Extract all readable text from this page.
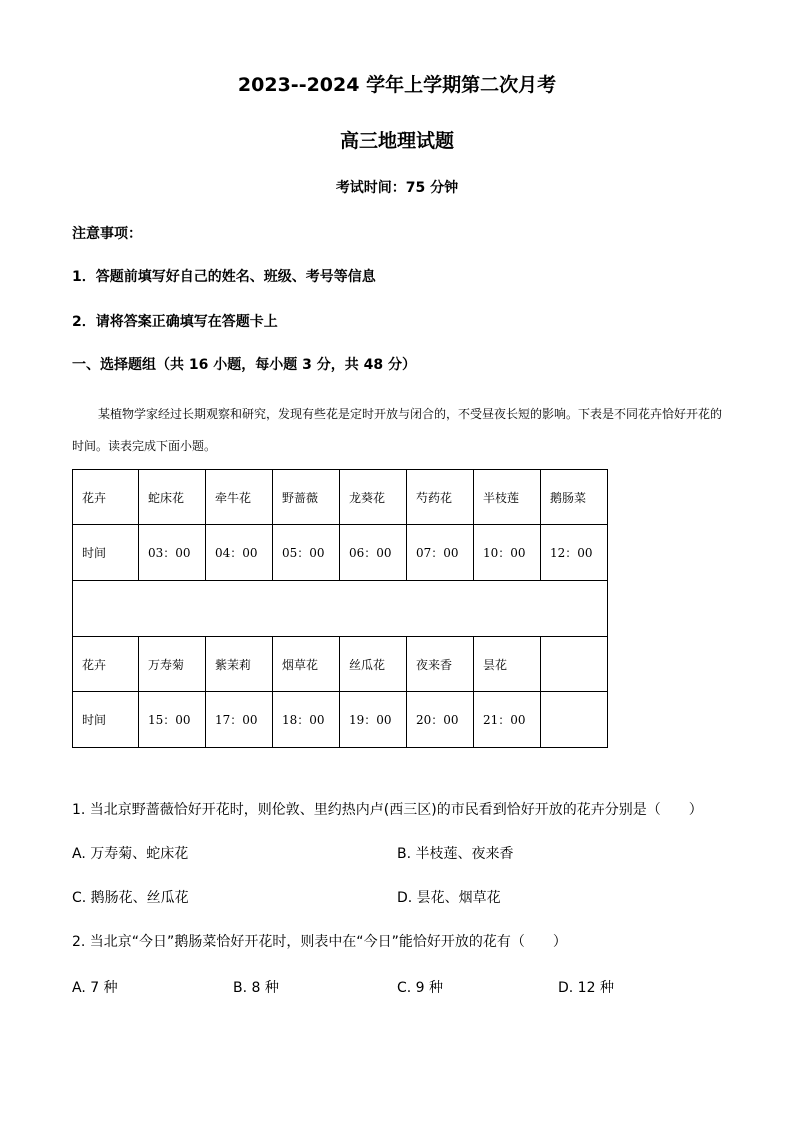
2023--2024 学年上学期第二次月考
高三地理试题
考试时间：75 分钟
注意事项：
1．答题前填写好自己的姓名、班级、考号等信息
2．请将答案正确填写在答题卡上
一、选择题组（共 16 小题，每小题 3 分，共 48 分）
某植物学家经过长期观察和研究，发现有些花是定时开放与闭合的，不受昼夜长短的影响。下表是不同花卉恰好开花的时间。读表完成下面小题。
花卉	蛇床花	牵牛花	野蔷薇	龙葵花	芍药花	半枝莲	鹅肠菜
时间	03：00	04：00	05：00	06：00	07：00	10：00	12：00

花卉	万寿菊	紫茉莉	烟草花	丝瓜花	夜来香	昙花	
时间	15：00	17：00	18：00	19：00	20：00	21：00	
1. 当北京野蔷薇恰好开花时，则伦敦、里约热内卢(西三区)的市民看到恰好开放的花卉分别是（　　）
A. 万寿菊、蛇床花	B. 半枝莲、夜来香
C. 鹅肠花、丝瓜花	D. 昙花、烟草花
2. 当北京“今日”鹅肠菜恰好开花时，则表中在“今日”能恰好开放的花有（　　）
A. 7 种	B. 8 种	C. 9 种	D. 12 种
